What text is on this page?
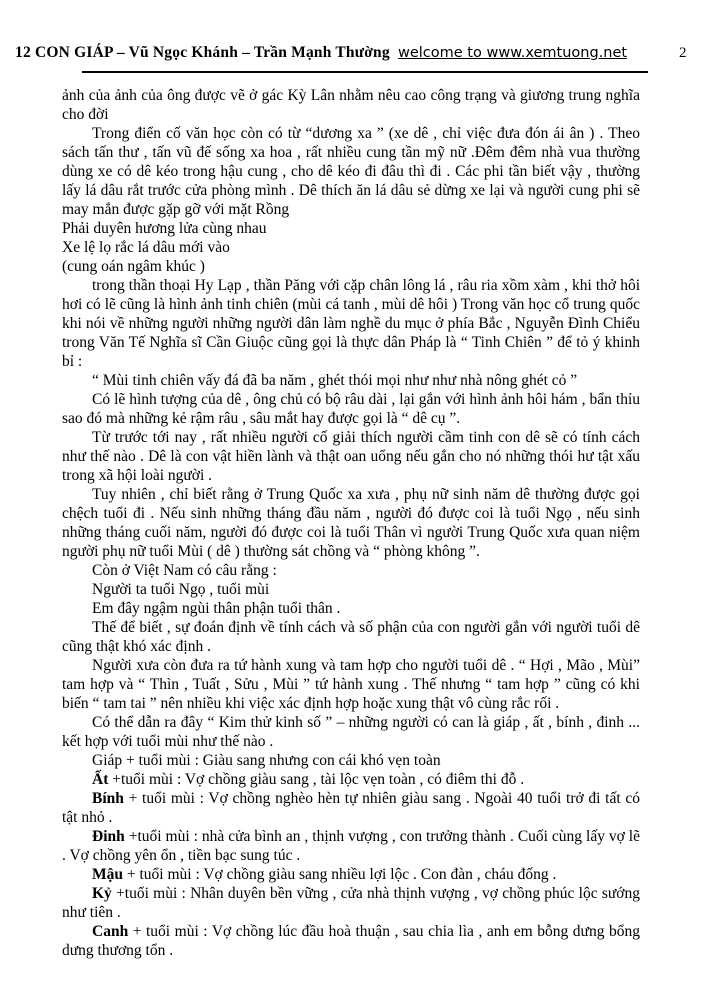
12 CON GIÁP – Vũ Ngọc Khánh – Trần Mạnh Thường welcome to www.xemtuong.net	2

ảnh của ảnh của ông được vẽ ở gác Kỳ Lân nhằm nêu cao công trạng và giương trung nghĩa cho đời

Trong điển cố văn học còn có từ “dương xa ” (xe dê , chỉ việc đưa đón ái ân ) . Theo sách tấn thư , tấn vũ đế sống xa hoa , rất nhiều cung tần mỹ nữ .Đêm đêm nhà vua thường dùng xe có dê kéo trong hậu cung , cho dê kéo đi đâu thì đi . Các phi tần biết vậy , thường lấy lá dâu rắt trước cửa phòng mình . Dê thích ăn lá dâu sẻ dừng xe lại và người cung phi sẽ may mắn được gặp gỡ với mặt Rồng

Phải duyên hương lửa cùng nhau

Xe lệ lọ rắc lá dâu mới vào

(cung oán ngâm khúc )

trong thần thoại Hy Lạp , thần Păng với cặp chân lông lá , râu ria xồm xàm , khi thở hôi hơi có lẽ cũng là hình ảnh tinh chiên (mùi cá tanh , mùi dê hôi ) Trong văn học cổ trung quốc khi nói về những người những người dân làm nghề du mục ở phía Bắc , Nguyễn Đình Chiểu trong Văn Tế Nghĩa sĩ Cần Giuộc cũng gọi là thực dân Pháp là “ Tinh Chiên ” để tỏ ý khinh bỉ :

“ Mùi tinh chiên vấy đá đã ba năm , ghét thói mọi như như nhà nông ghét cỏ ”

Có lẽ hình tượng của dê , ông chủ có bộ râu dài , lại gắn với hình ảnh hôi hám , bẩn thỉu sao đó mà những kẻ rậm râu , sâu mắt hay được gọi là “ dê cụ ”.

Từ trước tới nay , rất nhiều người cố giải thích người cầm tinh con dê sẽ có tính cách như thế nào . Dê là con vật hiền lành và thật oan uổng nếu gắn cho nó những thói hư tật xấu trong xã hội loài người .

Tuy nhiên , chỉ biết rằng ở Trung Quốc xa xưa , phụ nữ sinh năm dê thường được gọi chệch tuổi đi . Nếu sinh những tháng đầu năm , người đó được coi là tuổi Ngọ , nếu sinh những tháng cuối năm, người đó được coi là tuổi Thân vì người Trung Quốc xưa quan niệm người phụ nữ tuổi Mùi ( dê ) thường sát chồng và “ phòng không ”.

Còn ở Việt Nam có câu rằng :

Người ta tuổi Ngọ , tuổi mùi

Em đây ngậm ngùi thân phận tuổi thân .

Thế để biết , sự đoán định về tính cách và số phận của con người gắn với người tuổi dê cũng thật khó xác định .

Người xưa còn đưa ra tứ hành xung và tam hợp cho người tuổi dê . “ Hợi , Mão , Mùi” tam hợp và “ Thìn , Tuất , Sửu , Mùi ” tứ hành xung . Thế nhưng “ tam hợp ” cũng có khi biến “ tam tai ” nên nhiều khi việc xác định hợp hoặc xung thật vô cùng rắc rối .

Có thể dẫn ra đây “ Kim thử kinh số ” – những người có can là giáp , ất , bính , đinh ... kết hợp với tuổi mùi như thế nào .

Giáp + tuổi mùi : Giàu sang nhưng con cái khó vẹn toàn

Ất +tuổi mùi : Vợ chồng giàu sang , tài lộc vẹn toàn , có điêm thi đỗ .

Bính + tuổi mùi : Vợ chồng nghèo hèn tự nhiên giàu sang . Ngoài 40 tuổi trở đi tất có tật nhỏ .

Đinh +tuổi mùi : nhà cửa bình an , thịnh vượng , con trưởng thành . Cuối cùng lấy vợ lẽ . Vợ chồng yên ổn , tiền bạc sung túc .

Mậu + tuổi mùi : Vợ chồng giàu sang nhiều lợi lộc . Con đàn , cháu đống .

Kỷ +tuổi mùi : Nhân duyên bền vững , cửa nhà thịnh vượng , vợ chồng phúc lộc sướng như tiên .

Canh + tuổi mùi : Vợ chồng lúc đầu hoà thuận , sau chia lìa , anh em bỗng dưng bổng dưng thương tổn .
